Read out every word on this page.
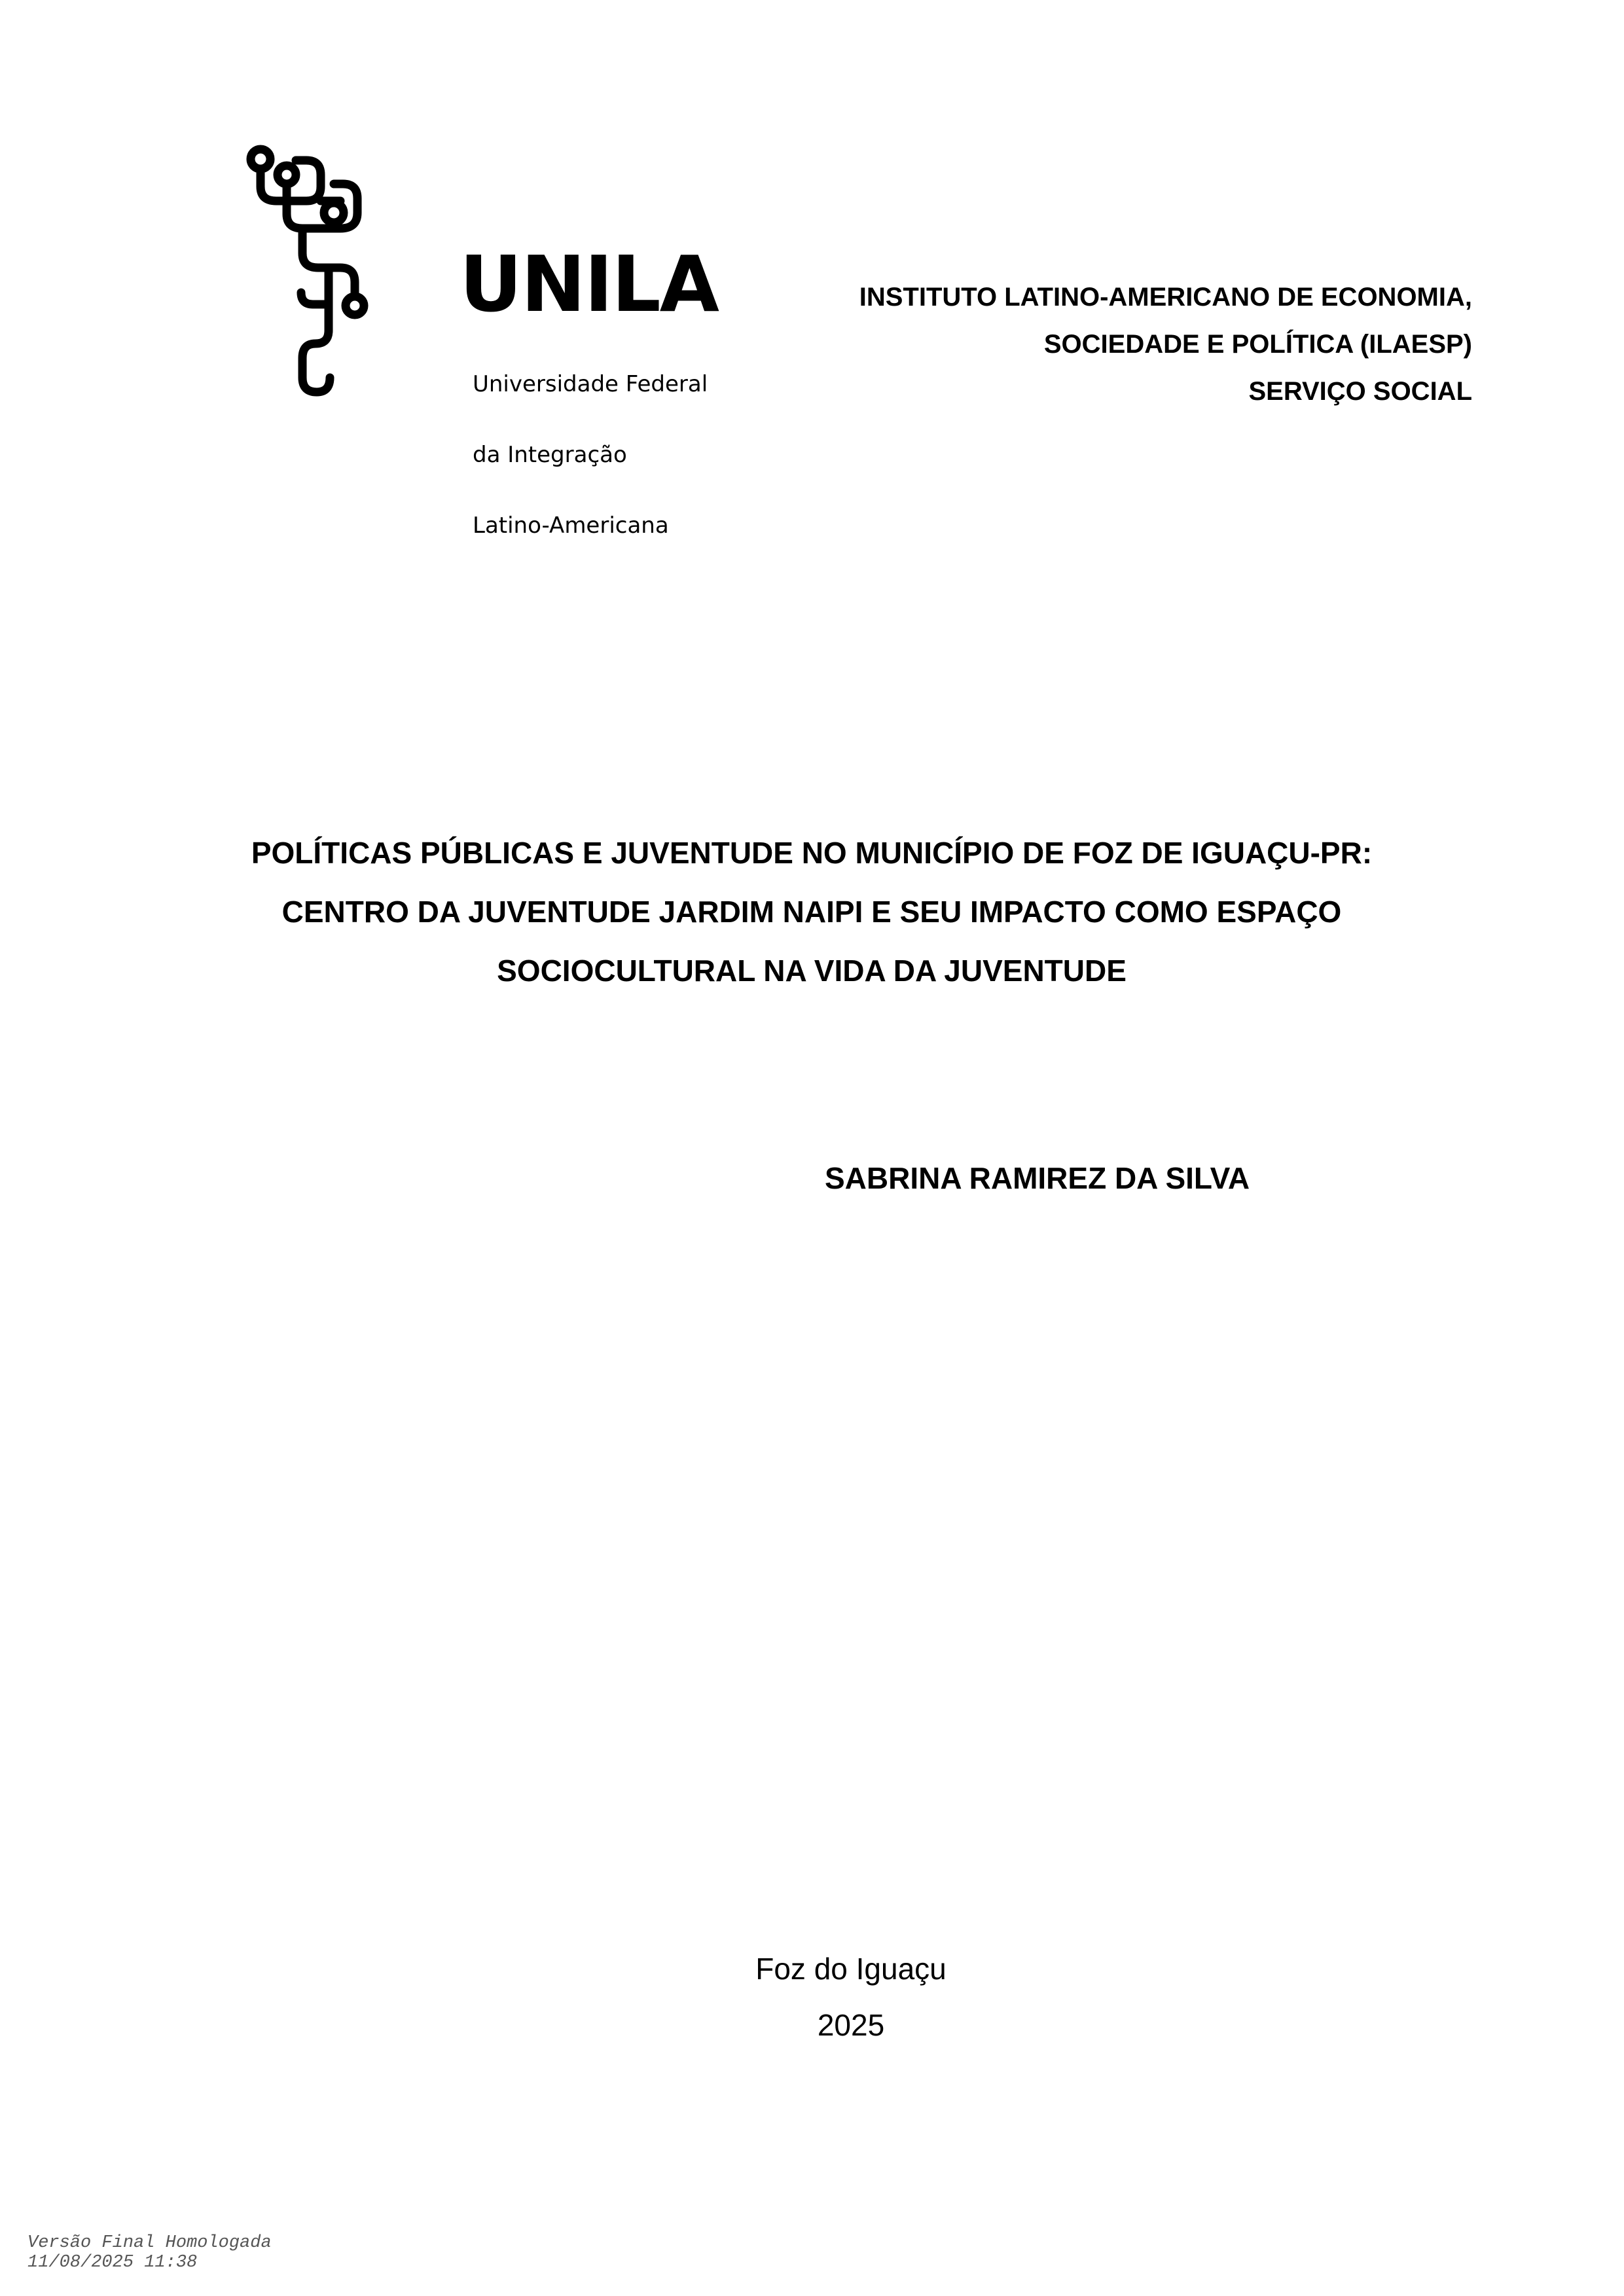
UNILA

Universidade Federal

da Integração

Latino-Americana

INSTITUTO LATINO-AMERICANO DE ECONOMIA,
SOCIEDADE E POLÍTICA (ILAESP)
SERVIÇO SOCIAL
POLÍTICAS PÚBLICAS E JUVENTUDE NO MUNICÍPIO DE FOZ DE IGUAÇU-PR:
CENTRO DA JUVENTUDE JARDIM NAIPI E SEU IMPACTO COMO ESPAÇO
SOCIOCULTURAL NA VIDA DA JUVENTUDE
SABRINA RAMIREZ DA SILVA
Foz do Iguaçu
2025
Versão Final Homologada
11/08/2025 11:38
